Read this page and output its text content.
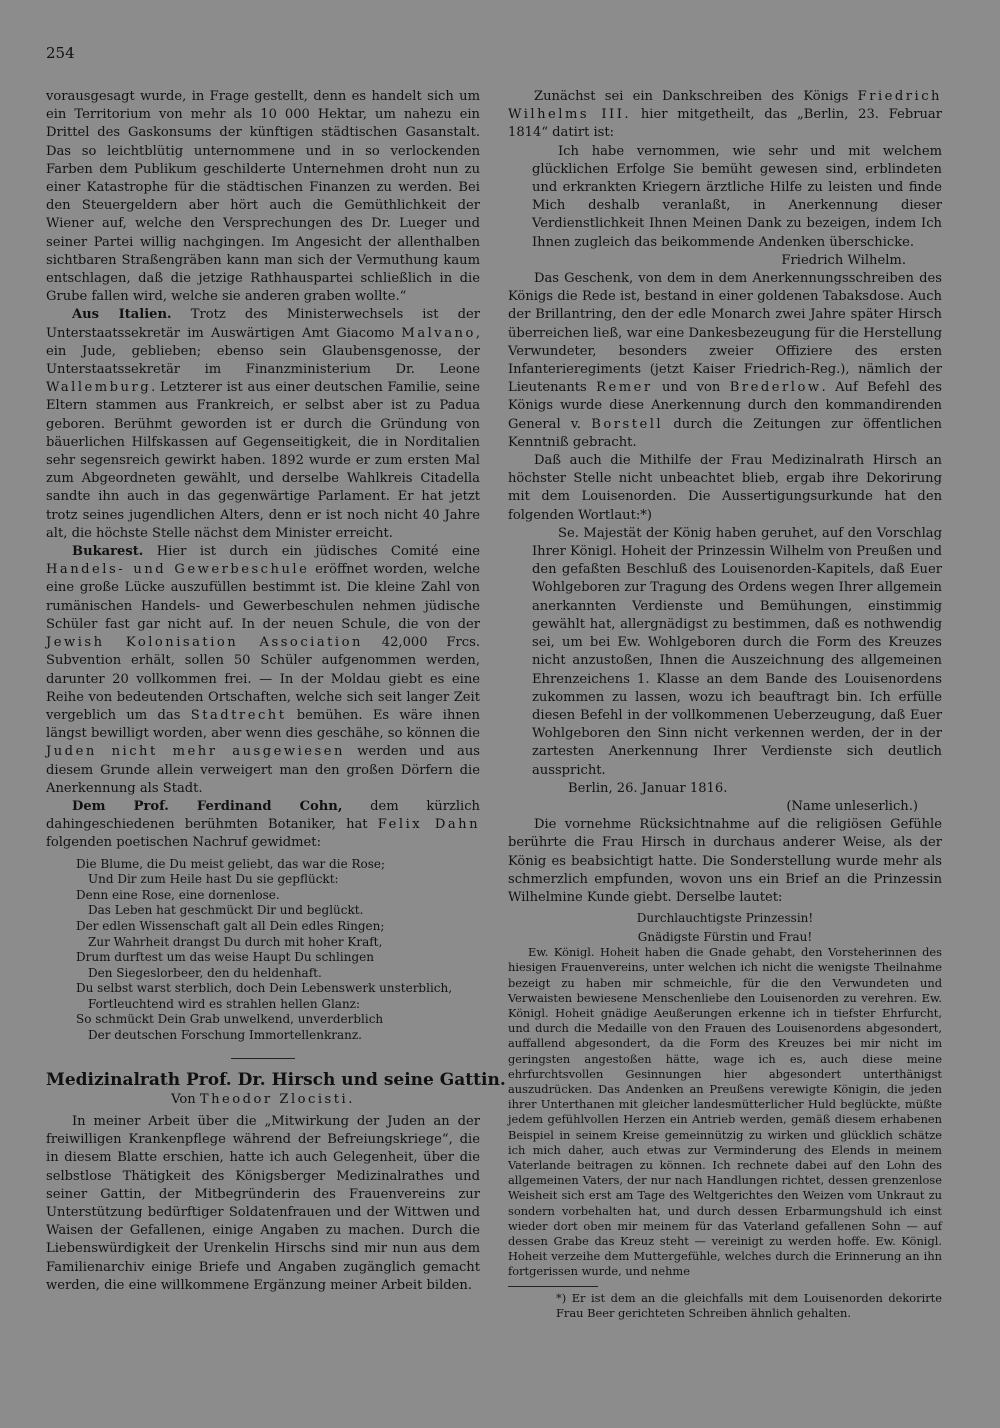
254

vorausgesagt wurde, in Frage gestellt, denn es handelt sich um ein Territorium von mehr als 10 000 Hektar, um nahezu ein Drittel des Gaskonsums der künftigen städtischen Gasanstalt. Das so leichtblütig unternommene und in so verlockenden Farben dem Publikum geschilderte Unternehmen droht nun zu einer Katastrophe für die städtischen Finanzen zu werden. Bei den Steuergeldern aber hört auch die Gemüthlichkeit der Wiener auf, welche den Versprechungen des Dr. Lueger und seiner Partei willig nachgingen. Im Angesicht der allenthalben sichtbaren Straßengräben kann man sich der Vermuthung kaum entschlagen, daß die jetzige Rathhauspartei schließlich in die Grube fallen wird, welche sie anderen graben wollte.“

Aus Italien. Trotz des Ministerwechsels ist der Unterstaatssekretär im Auswärtigen Amt Giacomo Malvano, ein Jude, geblieben; ebenso sein Glaubensgenosse, der Unterstaatssekretär im Finanzministerium Dr. Leone Wallemburg. Letzterer ist aus einer deutschen Familie, seine Eltern stammen aus Frankreich, er selbst aber ist zu Padua geboren. Berühmt geworden ist er durch die Gründung von bäuerlichen Hilfskassen auf Gegenseitigkeit, die in Norditalien sehr segensreich gewirkt haben. 1892 wurde er zum ersten Mal zum Abgeordneten gewählt, und derselbe Wahlkreis Citadella sandte ihn auch in das gegenwärtige Parlament. Er hat jetzt trotz seines jugendlichen Alters, denn er ist noch nicht 40 Jahre alt, die höchste Stelle nächst dem Minister erreicht.

Bukarest. Hier ist durch ein jüdisches Comité eine Handels- und Gewerbeschule eröffnet worden, welche eine große Lücke auszufüllen bestimmt ist. Die kleine Zahl von rumänischen Handels- und Gewerbeschulen nehmen jüdische Schüler fast gar nicht auf. In der neuen Schule, die von der Jewish Kolonisation Association 42,000 Frcs. Subvention erhält, sollen 50 Schüler aufgenommen werden, darunter 20 vollkommen frei. — In der Moldau giebt es eine Reihe von bedeutenden Ortschaften, welche sich seit langer Zeit vergeblich um das Stadtrecht bemühen. Es wäre ihnen längst bewilligt worden, aber wenn dies geschähe, so können die Juden nicht mehr ausgewiesen werden und aus diesem Grunde allein verweigert man den großen Dörfern die Anerkennung als Stadt.

Dem Prof. Ferdinand Cohn, dem kürzlich dahingeschiedenen berühmten Botaniker, hat Felix Dahn folgenden poetischen Nachruf gewidmet:

Die Blume, die Du meist geliebt, das war die Rose;
Und Dir zum Heile hast Du sie gepflückt:
Denn eine Rose, eine dornenlose.
Das Leben hat geschmückt Dir und beglückt.
Der edlen Wissenschaft galt all Dein edles Ringen;
Zur Wahrheit drangst Du durch mit hoher Kraft,
Drum durftest um das weise Haupt Du schlingen
Den Siegeslorbeer, den du heldenhaft.
Du selbst warst sterblich, doch Dein Lebenswerk unsterblich,
Fortleuchtend wird es strahlen hellen Glanz:
So schmückt Dein Grab unwelkend, unverderblich
Der deutschen Forschung Immortellenkranz.
Medizinalrath Prof. Dr. Hirsch und seine Gattin.
Von Theodor Zlocisti.

In meiner Arbeit über die „Mitwirkung der Juden an der freiwilligen Krankenpflege während der Befreiungskriege“, die in diesem Blatte erschien, hatte ich auch Gelegenheit, über die selbstlose Thätigkeit des Königsberger Medizinalrathes und seiner Gattin, der Mitbegründerin des Frauenvereins zur Unterstützung bedürftiger Soldatenfrauen und der Wittwen und Waisen der Gefallenen, einige Angaben zu machen. Durch die Liebenswürdigkeit der Urenkelin Hirschs sind mir nun aus dem Familienarchiv einige Briefe und Angaben zugänglich gemacht werden, die eine willkommene Ergänzung meiner Arbeit bilden.

Zunächst sei ein Dankschreiben des Königs Friedrich Wilhelms III. hier mitgetheilt, das „Berlin, 23. Februar 1814“ datirt ist:

Ich habe vernommen, wie sehr und mit welchem glücklichen Erfolge Sie bemüht gewesen sind, erblindeten und erkrankten Kriegern ärztliche Hilfe zu leisten und finde Mich deshalb veranlaßt, in Anerkennung dieser Verdienstlichkeit Ihnen Meinen Dank zu bezeigen, indem Ich Ihnen zugleich das beikommende Andenken überschicke.

Friedrich Wilhelm.

Das Geschenk, von dem in dem Anerkennungsschreiben des Königs die Rede ist, bestand in einer goldenen Tabaksdose. Auch der Brillantring, den der edle Monarch zwei Jahre später Hirsch überreichen ließ, war eine Dankesbezeugung für die Herstellung Verwundeter, besonders zweier Offiziere des ersten Infanterieregiments (jetzt Kaiser Friedrich-Reg.), nämlich der Lieutenants Remer und von Brederlow. Auf Befehl des Königs wurde diese Anerkennung durch den kommandirenden General v. Borstell durch die Zeitungen zur öffentlichen Kenntniß gebracht.

Daß auch die Mithilfe der Frau Medizinalrath Hirsch an höchster Stelle nicht unbeachtet blieb, ergab ihre Dekorirung mit dem Louisenorden. Die Aussertigungsurkunde hat den folgenden Wortlaut:*)

Se. Majestät der König haben geruhet, auf den Vorschlag Ihrer Königl. Hoheit der Prinzessin Wilhelm von Preußen und den gefaßten Beschluß des Louisenorden-Kapitels, daß Euer Wohlgeboren zur Tragung des Ordens wegen Ihrer allgemein anerkannten Verdienste und Bemühungen, einstimmig gewählt hat, allergnädigst zu bestimmen, daß es nothwendig sei, um bei Ew. Wohlgeboren durch die Form des Kreuzes nicht anzustoßen, Ihnen die Auszeichnung des allgemeinen Ehrenzeichens 1. Klasse an dem Bande des Louisenordens zukommen zu lassen, wozu ich beauftragt bin. Ich erfülle diesen Befehl in der vollkommenen Ueberzeugung, daß Euer Wohlgeboren den Sinn nicht verkennen werden, der in der zartesten Anerkennung Ihrer Verdienste sich deutlich ausspricht.

Berlin, 26. Januar 1816.

(Name unleserlich.)

Die vornehme Rücksichtnahme auf die religiösen Gefühle berührte die Frau Hirsch in durchaus anderer Weise, als der König es beabsichtigt hatte. Die Sonderstellung wurde mehr als schmerzlich empfunden, wovon uns ein Brief an die Prinzessin Wilhelmine Kunde giebt. Derselbe lautet:

Durchlauchtigste Prinzessin!
Gnädigste Fürstin und Frau!

Ew. Königl. Hoheit haben die Gnade gehabt, den Vorsteherinnen des hiesigen Frauenvereins, unter welchen ich nicht die wenigste Theilnahme bezeigt zu haben mir schmeichle, für die den Verwundeten und Verwaisten bewiesene Menschenliebe den Louisenorden zu verehren. Ew. Königl. Hoheit gnädige Aeußerungen erkenne ich in tiefster Ehrfurcht, und durch die Medaille von den Frauen des Louisenordens abgesondert, auffallend abgesondert, da die Form des Kreuzes bei mir nicht im geringsten angestoßen hätte, wage ich es, auch diese meine ehrfurchtsvollen Gesinnungen hier abgesondert unterthänigst auszudrücken. Das Andenken an Preußens verewigte Königin, die jeden ihrer Unterthanen mit gleicher landesmütterlicher Huld beglückte, müßte jedem gefühlvollen Herzen ein Antrieb werden, gemäß diesem erhabenen Beispiel in seinem Kreise gemeinnützig zu wirken und glücklich schätze ich mich daher, auch etwas zur Verminderung des Elends in meinem Vaterlande beitragen zu können. Ich rechnete dabei auf den Lohn des allgemeinen Vaters, der nur nach Handlungen richtet, dessen grenzenlose Weisheit sich erst am Tage des Weltgerichtes den Weizen vom Unkraut zu sondern vorbehalten hat, und durch dessen Erbarmungshuld ich einst wieder dort oben mir meinem für das Vaterland gefallenen Sohn — auf dessen Grabe das Kreuz steht — vereinigt zu werden hoffe. Ew. Königl. Hoheit verzeihe dem Muttergefühle, welches durch die Erinnerung an ihn fortgerissen wurde, und nehme

*) Er ist dem an die gleichfalls mit dem Louisenorden dekorirte Frau Beer gerichteten Schreiben ähnlich gehalten.
